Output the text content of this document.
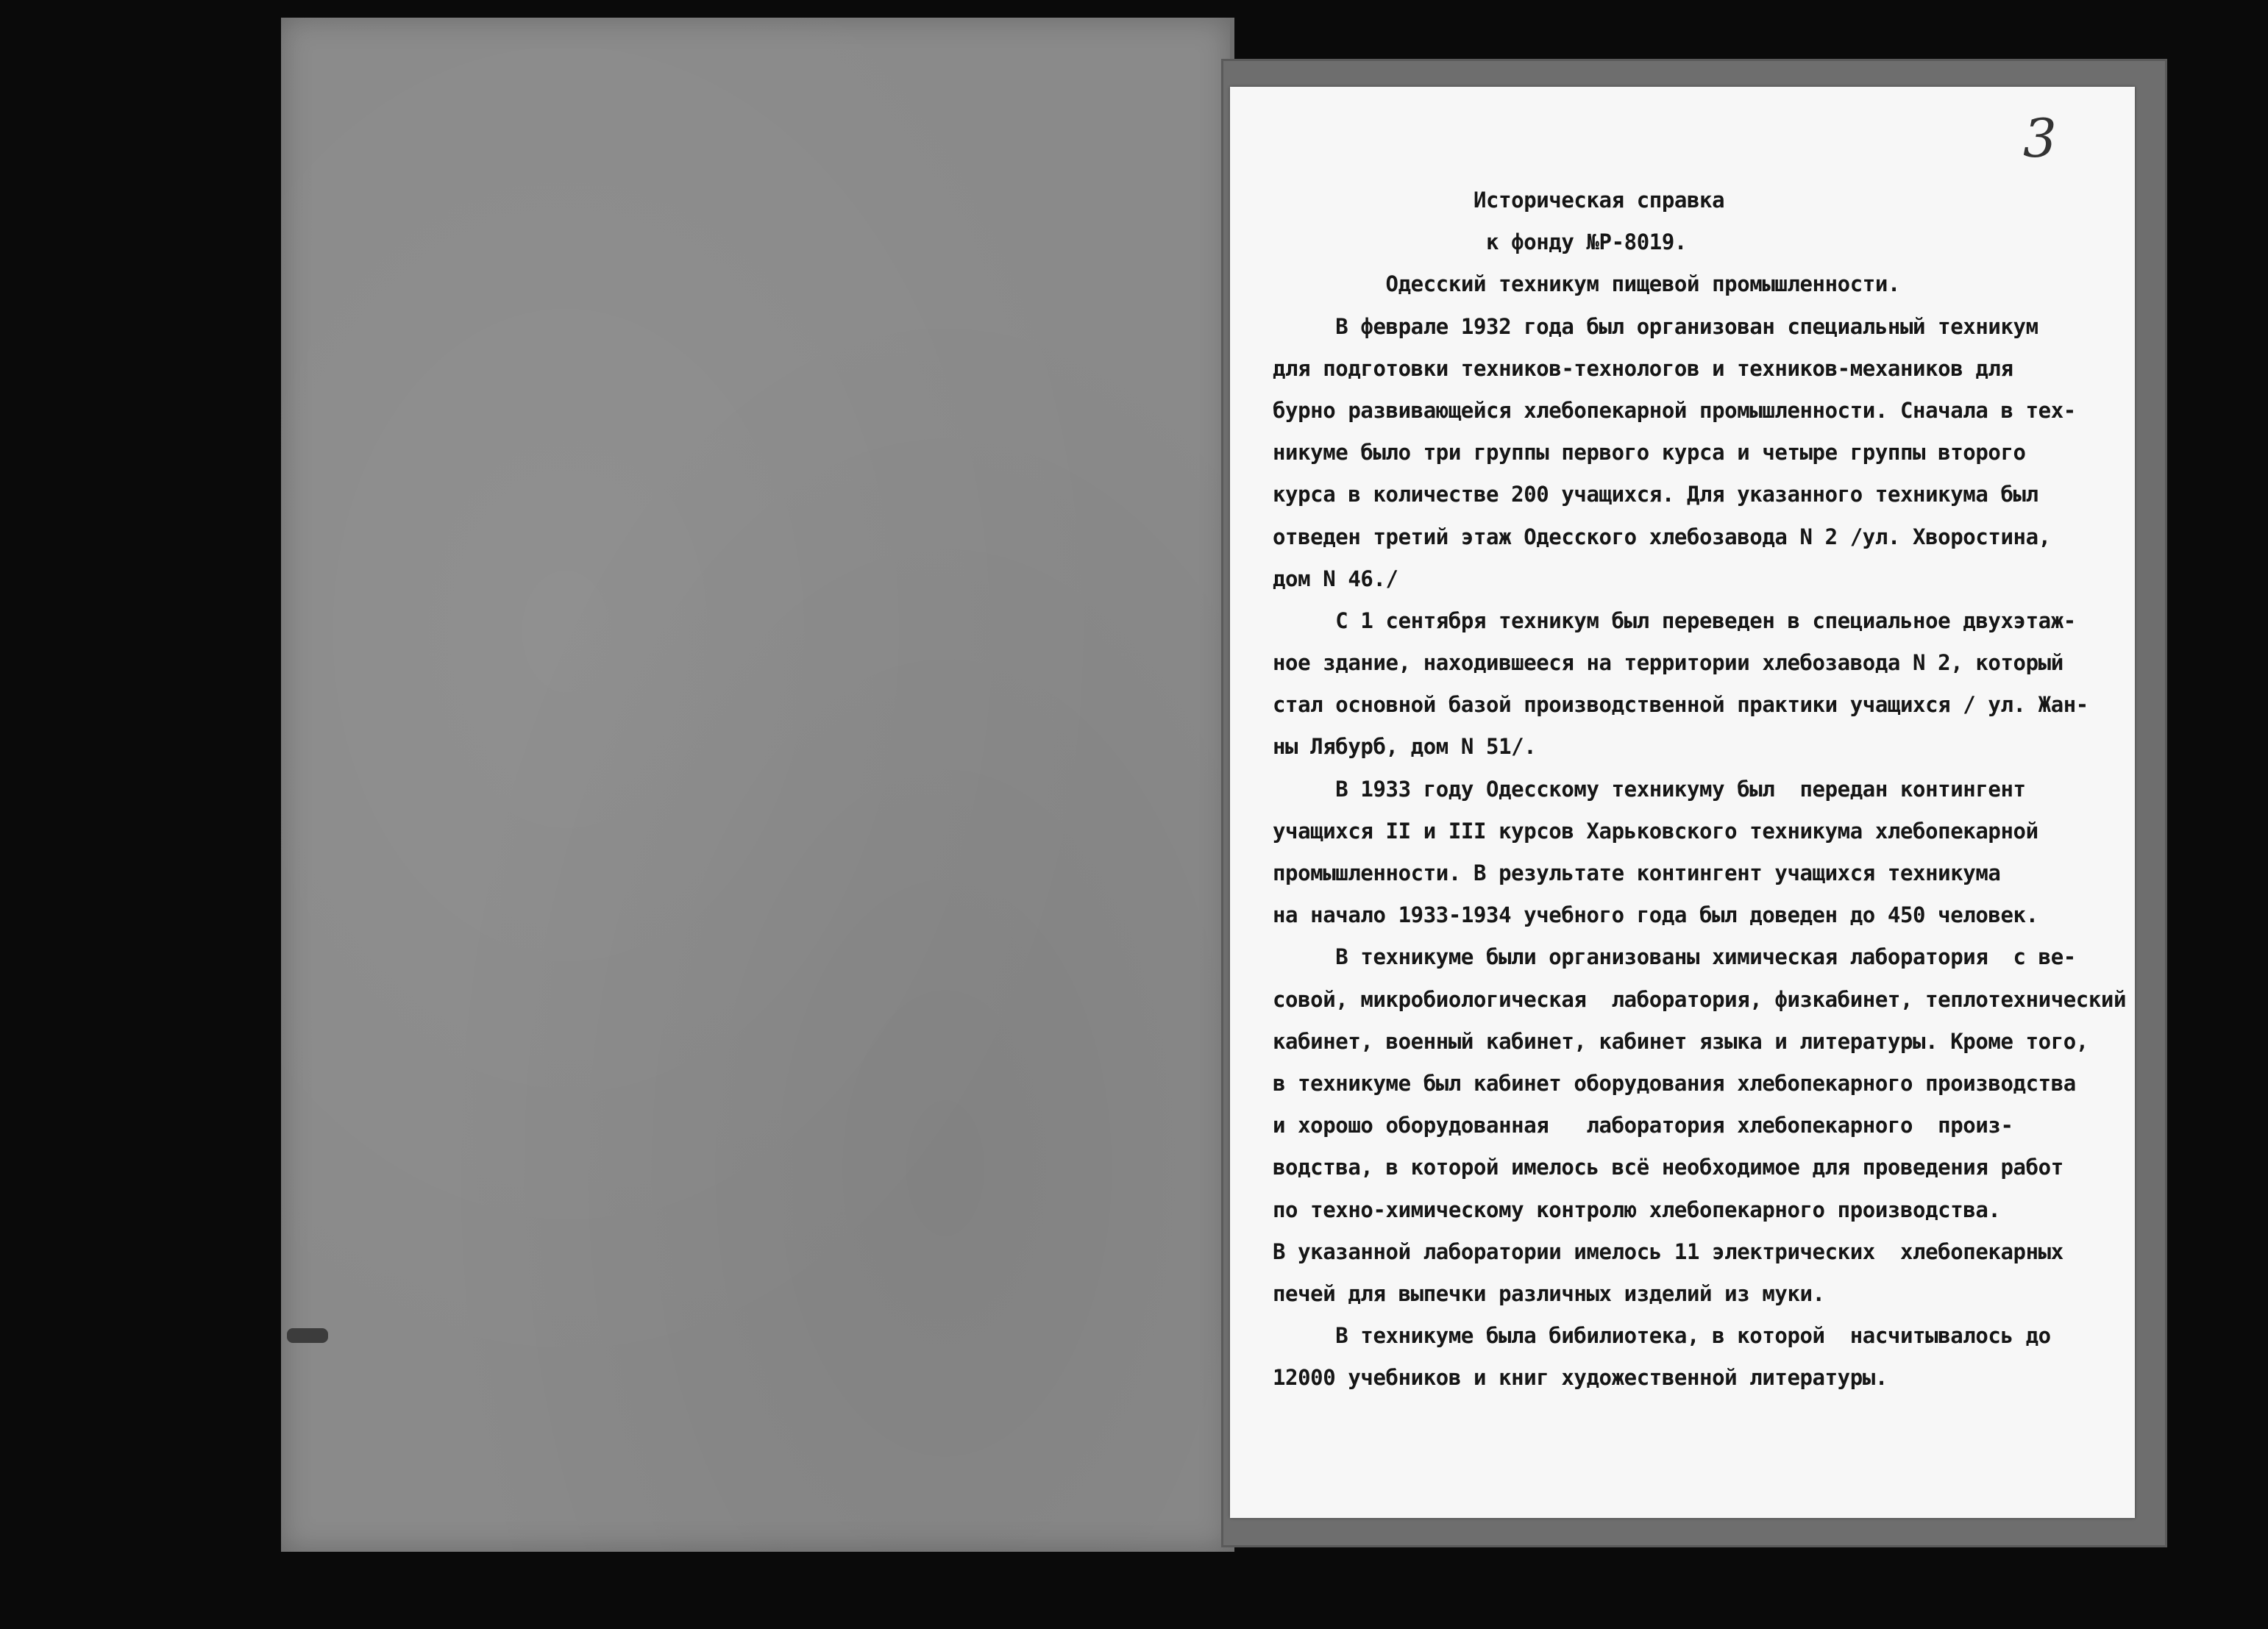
3
Историческая справка
к фонду №Р-8019.
Одесский техникум пищевой промышленности.
В феврале 1932 года был организован специальный техникум
для подготовки техников-технологов и техников-механиков для
бурно развивающейся хлебопекарной промышленности. Сначала в тех-
никуме было три группы первого курса и четыре группы второго
курса в количестве 200 учащихся. Для указанного техникума был
отведен третий этаж Одесского хлебозавода N 2 /ул. Хворостина,
дом N 46./
С 1 сентября техникум был переведен в специальное двухэтаж-
ное здание, находившееся на территории хлебозавода N 2, который
стал основной базой производственной практики учащихся / ул. Жан-
ны Лябурб, дом N 51/.
В 1933 году Одесскому техникуму был  передан контингент
учащихся II и III курсов Харьковского техникума хлебопекарной
промышленности. В результате контингент учащихся техникума
на начало 1933-1934 учебного года был доведен до 450 человек.
В техникуме были организованы химическая лаборатория  с ве-
совой, микробиологическая  лаборатория, физкабинет, теплотехнический
кабинет, военный кабинет, кабинет языка и литературы. Кроме того,
в техникуме был кабинет оборудования хлебопекарного производства
и хорошо оборудованная   лаборатория хлебопекарного  произ-
водства, в которой имелось всё необходимое для проведения работ
по техно-химическому контролю хлебопекарного производства.
В указанной лаборатории имелось 11 электрических  хлебопекарных
печей для выпечки различных изделий из муки.
В техникуме была бибилиотека, в которой  насчитывалось до
12000 учебников и книг художественной литературы.
